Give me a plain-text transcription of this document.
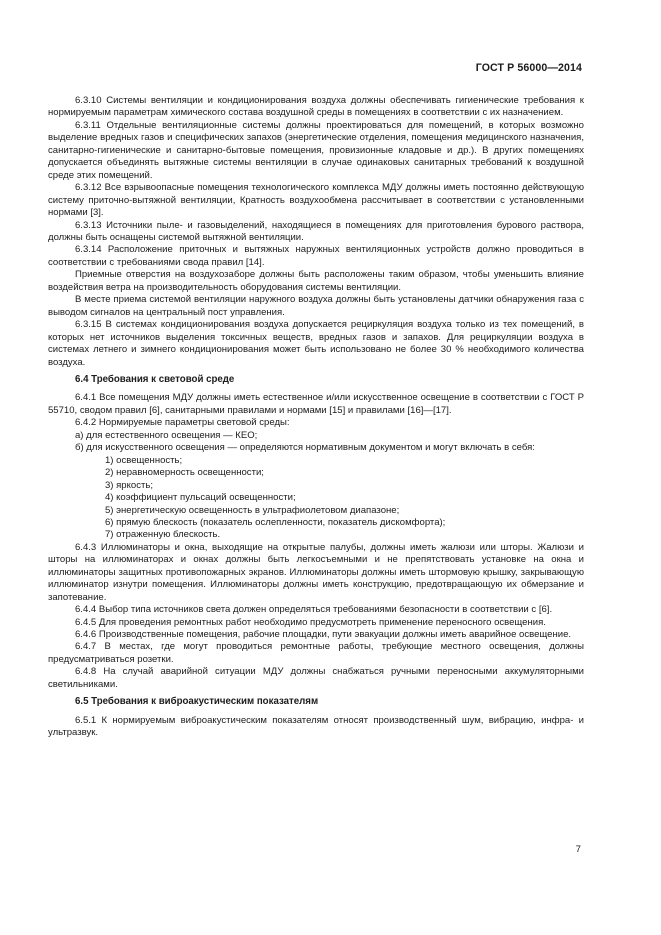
ГОСТ Р 56000—2014

6.3.10 Системы вентиляции и кондиционирования воздуха должны обеспечивать гигиенические требования к нормируемым параметрам химического состава воздушной среды в помещениях в соответствии с их назначением.

6.3.11 Отдельные вентиляционные системы должны проектироваться для помещений, в которых возможно выделение вредных газов и специфических запахов (энергетические отделения, помещения медицинского назначения, санитарно-гигиенические и санитарно-бытовые помещения, провизионные кладовые и др.). В других помещениях допускается объединять вытяжные системы вентиляции в случае одинаковых санитарных требований к воздушной среде этих помещений.

6.3.12 Все взрывоопасные помещения технологического комплекса МДУ должны иметь постоянно действующую систему приточно-вытяжной вентиляции, Кратность воздухообмена рассчитывает в соответствии с установленными нормами [3].

6.3.13 Источники пыле- и газовыделений, находящиеся в помещениях для приготовления бурового раствора, должны быть оснащены системой вытяжной вентиляции.

6.3.14 Расположение приточных и вытяжных наружных вентиляционных устройств должно проводиться в соответствии с требованиями свода правил [14].

Приемные отверстия на воздухозаборе должны быть расположены таким образом, чтобы уменьшить влияние воздействия ветра на производительность оборудования системы вентиляции.

В месте приема системой вентиляции наружного воздуха должны быть установлены датчики обнаружения газа с выводом сигналов на центральный пост управления.

6.3.15 В системах кондиционирования воздуха допускается рециркуляция воздуха только из тех помещений, в которых нет источников выделения токсичных веществ, вредных газов и запахов. Для рециркуляции воздуха в системах летнего и зимнего кондиционирования может быть использовано не более 30 % необходимого количества воздуха.

6.4 Требования к световой среде

6.4.1 Все помещения МДУ должны иметь естественное и/или искусственное освещение в соответствии с ГОСТ Р 55710, сводом правил [6], санитарными правилами и нормами [15] и правилами [16]—[17].

6.4.2 Нормируемые параметры световой среды:

а) для естественного освещения — КЕО;

б) для искусственного освещения — определяются нормативным документом и могут включать в себя:

1) освещенность;

2) неравномерность освещенности;

3) яркость;

4) коэффициент пульсаций освещенности;

5) энергетическую освещенность в ультрафиолетовом диапазоне;

6) прямую блескость (показатель ослепленности, показатель дискомфорта);

7) отраженную блескость.

6.4.3 Иллюминаторы и окна, выходящие на открытые палубы, должны иметь жалюзи или шторы. Жалюзи и шторы на иллюминаторах и окнах должны быть легкосъемными и не препятствовать установке на окна и иллюминаторы защитных противопожарных экранов. Иллюминаторы должны иметь штормовую крышку, закрывающую иллюминатор изнутри помещения. Иллюминаторы должны иметь конструкцию, предотвращающую их обмерзание и запотевание.

6.4.4 Выбор типа источников света должен определяться требованиями безопасности в соответствии с [6].

6.4.5 Для проведения ремонтных работ необходимо предусмотреть применение переносного освещения.

6.4.6 Производственные помещения, рабочие площадки, пути эвакуации должны иметь аварийное освещение.

6.4.7 В местах, где могут проводиться ремонтные работы, требующие местного освещения, должны предусматриваться розетки.

6.4.8 На случай аварийной ситуации МДУ должны снабжаться ручными переносными аккумуляторными светильниками.

6.5 Требования к виброакустическим показателям

6.5.1 К нормируемым виброакустическим показателям относят производственный шум, вибрацию, инфра- и ультразвук.

7
